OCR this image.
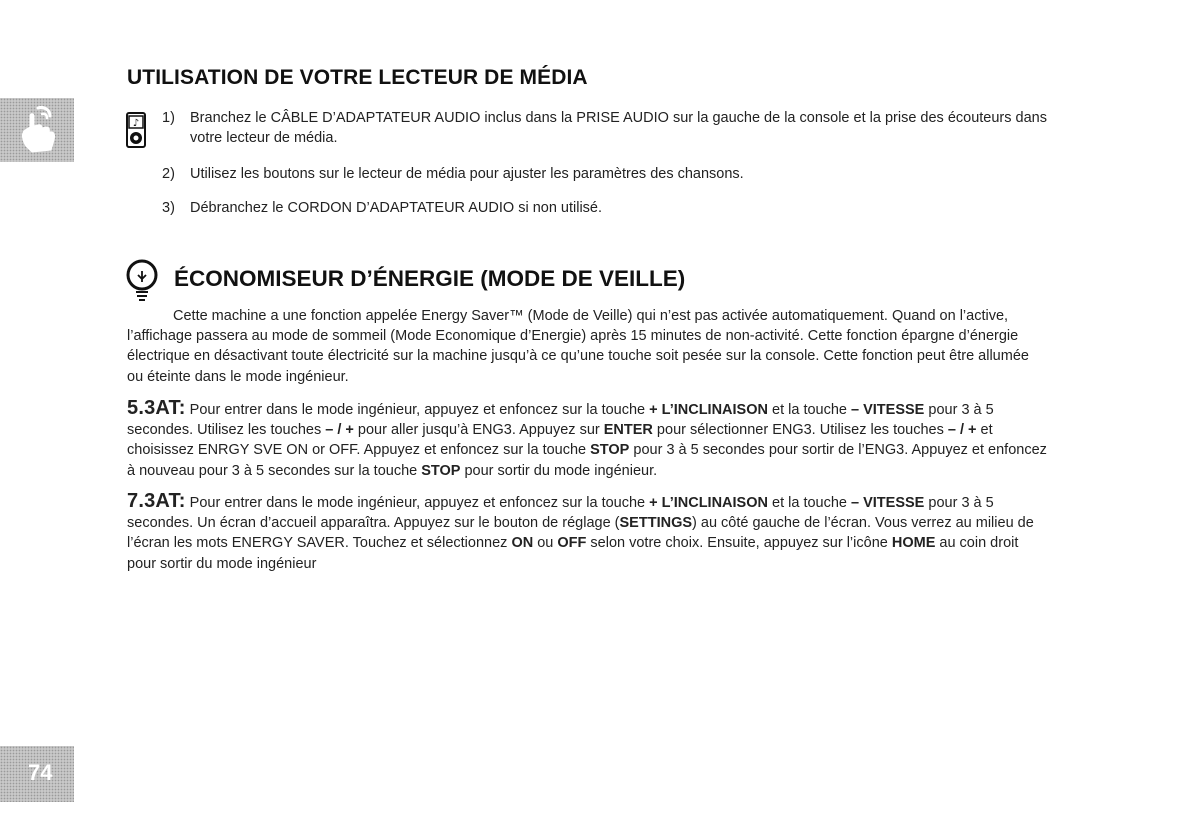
UTILISATION DE VOTRE LECTEUR DE MÉDIA
♪ 1) Branchez le CÂBLE D’ADAPTATEUR AUDIO inclus dans la PRISE AUDIO sur la gauche de la console et la prise des écouteurs dans votre lecteur de média.
2) Utilisez les boutons sur le lecteur de média pour ajuster les paramètres des chansons.
3) Débranchez le CORDON D’ADAPTATEUR AUDIO si non utilisé.
ÉCONOMISEUR D’ÉNERGIE (MODE DE VEILLE)
Cette machine a une fonction appelée Energy Saver™ (Mode de Veille) qui n’est pas activée automatiquement. Quand on l’active, l’affichage passera au mode de sommeil (Mode Economique d’Energie) après 15 minutes de non-activité. Cette fonction épargne d’énergie électrique en désactivant toute électricité sur la machine jusqu’à ce qu’une touche soit pesée sur la console. Cette fonction peut être allumée ou éteinte dans le mode ingénieur.
5.3AT: Pour entrer dans le mode ingénieur, appuyez et enfoncez sur la touche + L’INCLINAISON et la touche – VITESSE pour 3 à 5 secondes. Utilisez les touches – / + pour aller jusqu’à ENG3. Appuyez sur ENTER pour sélectionner ENG3. Utilisez les touches – / + et choisissez ENRGY SVE ON or OFF. Appuyez et enfoncez sur la touche STOP pour 3 à 5 secondes pour sortir de l’ENG3. Appuyez et enfoncez à nouveau pour 3 à 5 secondes sur la touche STOP pour sortir du mode ingénieur.
7.3AT: Pour entrer dans le mode ingénieur, appuyez et enfoncez sur la touche + L’INCLINAISON et la touche – VITESSE pour 3 à 5 secondes. Un écran d’accueil apparaîtra. Appuyez sur le bouton de réglage (SETTINGS) au côté gauche de l’écran. Vous verrez au milieu de l’écran les mots ENERGY SAVER. Touchez et sélectionnez ON ou OFF selon votre choix. Ensuite, appuyez sur l’icône HOME au coin droit pour sortir du mode ingénieur
74
